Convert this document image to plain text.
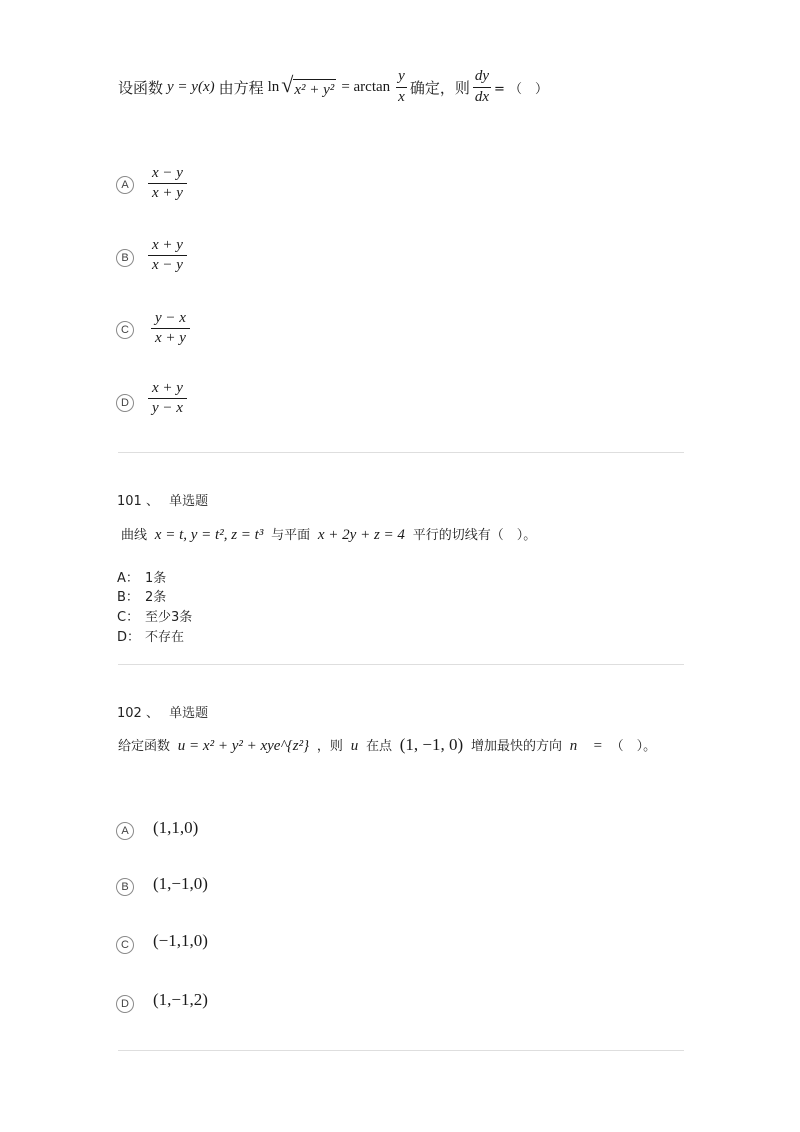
设函数 y = y(x) 由方程 ln √ $x^2 + y^2 = \arctan \frac{y}{x}$ 确定，则 $\frac{dy}{dx}$ = （　）
A	$\frac{x - y}{x + y}$
B	$\frac{x + y}{x - y}$
C	$\frac{y - x}{x + y}$
D	$\frac{x + y}{y - x}$
101 、 单选题
曲线 x = t, y = t², z = t³ 与平面 x + 2y + z = 4 平行的切线有（　）。
A： 1条
B： 2条
C： 至少3条
D： 不存在
102 、 单选题
给定函数 u = x² + y² + xye^{z²} ，则 u 在点 (1, −1, 0) 增加最快的方向 n⃗ = （　）。
A	(1,1,0)
B	(1,−1,0)
C (−1,1,0)
D (1,−1,2)
